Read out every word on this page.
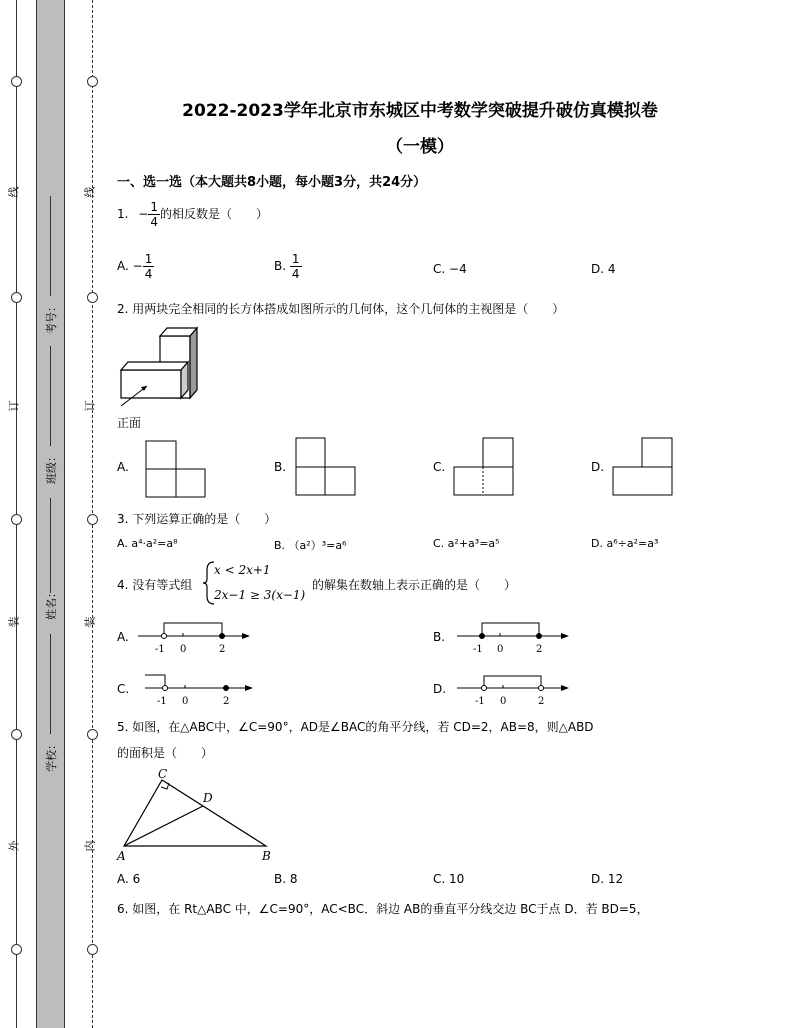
线
订
装
外
线
订
装
内
考号：
班级：
姓名：
学校：
2022-2023学年北京市东城区中考数学突破提升破仿真模拟卷
（一模）
一、选一选（本大题共8小题，每小题3分，共24分）
1. − $\frac{1}{4}$ 的相反数是（　　）
A. − $\frac{1}{4}$	B. $\frac{1}{4}$	C. −4	D. 4
2. 用两块完全相同的长方体搭成如图所示的几何体，这个几何体的主视图是（　　）
正面
A.	B.	C.	D.
3. 下列运算正确的是（　　）
A. a⁴·a²=a⁸	B. （a²）³=a⁶	C. a²+a³=a⁵	D. a⁶÷a²=a³
4. 没有等式组
x < 2x+1
2x−1 ≥ 3(x−1)
的解集在数轴上表示正确的是（　　）
A.
-1 0	2
B.
-1 0	2
C.
-1 0	2
D.
-1 0	2
5. 如图，在△ABC中，∠C=90°，AD是∠BAC的角平分线，若 CD=2，AB=8，则△ABD
的面积是（　　）
C
D
A	B
A. 6	B. 8	C. 10	D. 12
6. 如图，在 Rt△ABC 中，∠C=90°，AC<BC．斜边 AB的垂直平分线交边 BC于点 D．若 BD=5，
